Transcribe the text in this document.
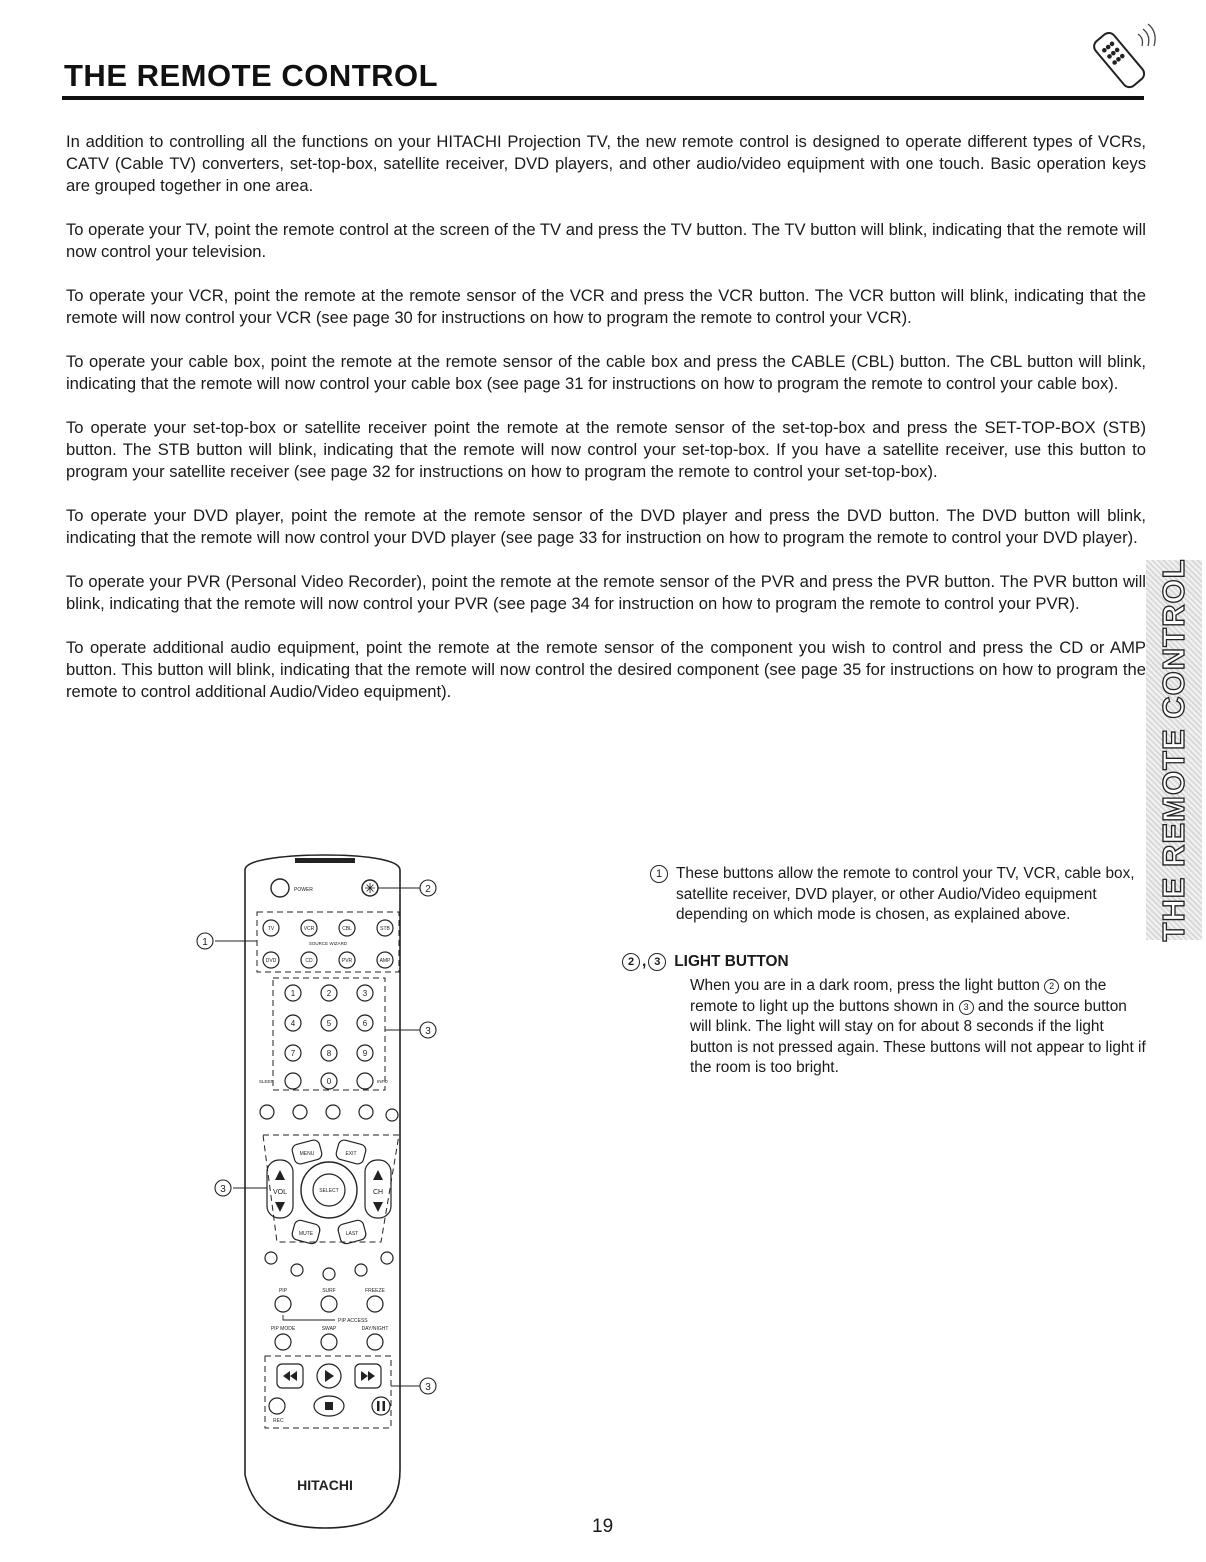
THE REMOTE CONTROL

In addition to controlling all the functions on your HITACHI Projection TV, the new remote control is designed to operate different types of VCRs, CATV (Cable TV) converters, set-top-box, satellite receiver, DVD players, and other audio/video equipment with one touch. Basic operation keys are grouped together in one area.

To operate your TV, point the remote control at the screen of the TV and press the TV button. The TV button will blink, indicating that the remote will now control your television.

To operate your VCR, point the remote at the remote sensor of the VCR and press the VCR button. The VCR button will blink, indicating that the remote will now control your VCR (see page 30 for instructions on how to program the remote to control your VCR).

To operate your cable box, point the remote at the remote sensor of the cable box and press the CABLE (CBL) button. The CBL button will blink, indicating that the remote will now control your cable box (see page 31 for instructions on how to program the remote to control your cable box).

To operate your set-top-box or satellite receiver point the remote at the remote sensor of the set-top-box and press the SET-TOP-BOX (STB) button. The STB button will blink, indicating that the remote will now control your set-top-box. If you have a satellite receiver, use this button to program your satellite receiver (see page 32 for instructions on how to program the remote to control your set-top-box).

To operate your DVD player, point the remote at the remote sensor of the DVD player and press the DVD button. The DVD button will blink, indicating that the remote will now control your DVD player (see page 33 for instruction on how to program the remote to control your DVD player).

To operate your PVR (Personal Video Recorder), point the remote at the remote sensor of the PVR and press the PVR button. The PVR button will blink, indicating that the remote will now control your PVR (see page 34 for instruction on how to program the remote to control your PVR).

To operate additional audio equipment, point the remote at the remote sensor of the component you wish to control and press the CD or AMP button. This button will blink, indicating that the remote will now control the desired component (see page 35 for instructions on how to program the remote to control additional Audio/Video equipment).	THE REMOTE CONTROL
POWER	2
TV	VCR	CBL	STB
SOURCE WIZARD
DVD	CD	PVR	AMP
1
1	2	3
4	5	6
7	8	9
0
SLEEP	INFO
3
MENU	EXIT
SELECT
VOL	CH
MUTE	LAST
3
PIP	SURF	FREEZE
PIP ACCESS
PIP MODE	SWAP	DAY/NIGHT
REC
3
HITACHI
1 These buttons allow the remote to control your TV, VCR, cable box, satellite receiver, DVD player, or other Audio/Video equipment depending on which mode is chosen, as explained above.
2 , 3 LIGHT BUTTON
When you are in a dark room, press the light button 2 on the remote to light up the buttons shown in 3 and the source button will blink. The light will stay on for about 8 seconds if the light button is not pressed again. These buttons will not appear to light if the room is too bright.
19
